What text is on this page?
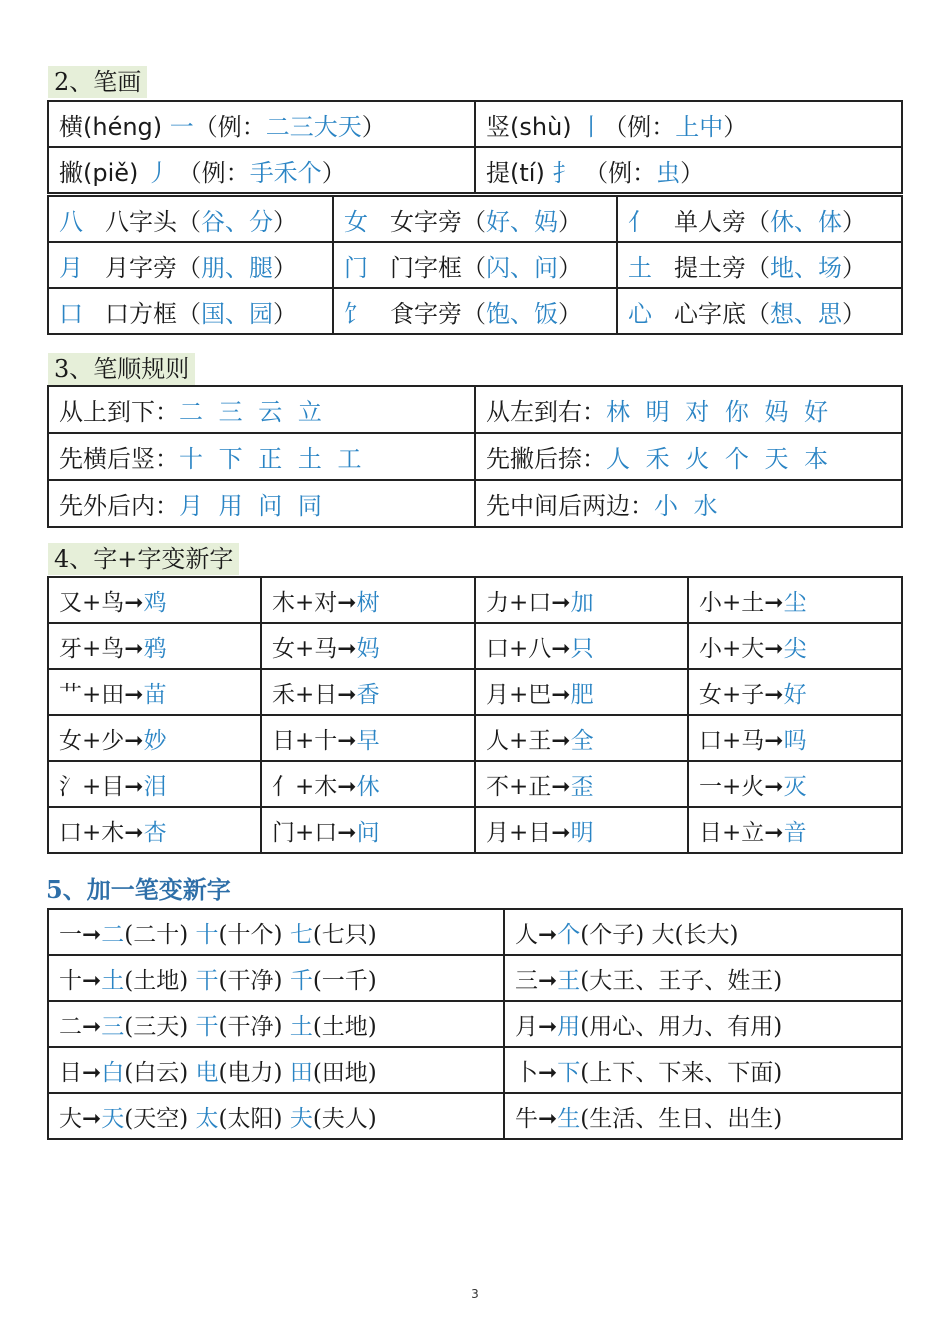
2、笔画
横(héng) 一（例：二三大天）	竖(shù) 丨（例：上中）
撇(piě) 丿 （例：手禾个）	提(tí) 扌 （例：虫）
八 八字头（谷、分）	女 女字旁（好、妈）	亻 单人旁（休、体）
月 月字旁（朋、腿）	门 门字框（闪、问）	土 提土旁（地、场）
口 口方框（国、园）	饣 食字旁（饱、饭）	心 心字底（想、思）
3、笔顺规则
从上到下：二 三 云 立	从左到右：林 明 对 你 妈 好
先横后竖：十 下 正 土 工	先撇后捺：人 禾 火 个 天 本
先外后内：月 用 问 同	先中间后两边：小 水
4、字+字变新字
又+鸟➞鸡	木+对➞树	力+口➞加	小+土➞尘
牙+鸟➞鸦	女+马➞妈	口+八➞只	小+大➞尖
艹+田➞苗	禾+日➞香	月+巴➞肥	女+子➞好
女+少➞妙	日+十➞早	人+王➞全	口+马➞吗
氵+目➞泪	亻+木➞休	不+正➞歪	一+火➞灭
口+木➞杏	门+口➞问	月+日➞明	日+立➞音
5、加一笔变新字
一➞二(二十) 十(十个) 七(七只)	人➞个(个子) 大(长大)
十➞土(土地) 干(干净) 千(一千)	三➞王(大王、王子、姓王)
二➞三(三天) 干(干净) 土(土地)	月➞用(用心、用力、有用)
日➞白(白云) 电(电力) 田(田地)	卜➞下(上下、下来、下面)
大➞天(天空) 太(太阳) 夫(夫人)	牛➞生(生活、生日、出生)
3
